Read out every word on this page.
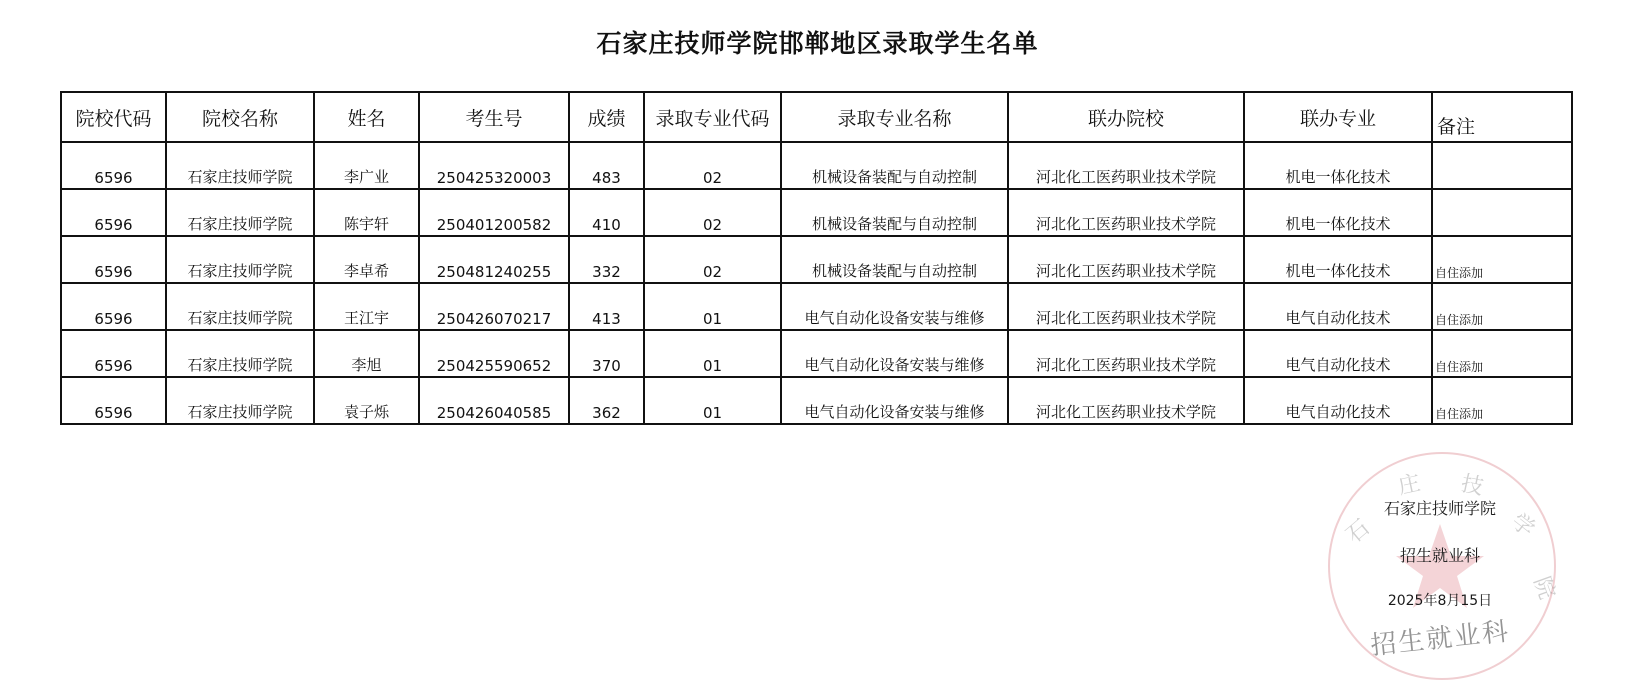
石家庄技师学院邯郸地区录取学生名单
院校代码	院校名称	姓名	考生号	成绩	录取专业代码	录取专业名称	联办院校	联办专业	备注
6596	石家庄技师学院	李广业	250425320003	483	02	机械设备装配与自动控制	河北化工医药职业技术学院	机电一体化技术	
6596	石家庄技师学院	陈宇轩	250401200582	410	02	机械设备装配与自动控制	河北化工医药职业技术学院	机电一体化技术	
6596	石家庄技师学院	李卓希	250481240255	332	02	机械设备装配与自动控制	河北化工医药职业技术学院	机电一体化技术	自住添加
6596	石家庄技师学院	王江宇	250426070217	413	01	电气自动化设备安装与维修	河北化工医药职业技术学院	电气自动化技术	自住添加
6596	石家庄技师学院	李旭	250425590652	370	01	电气自动化设备安装与维修	河北化工医药职业技术学院	电气自动化技术	自住添加
6596	石家庄技师学院	袁子烁	250426040585	362	01	电气自动化设备安装与维修	河北化工医药职业技术学院	电气自动化技术	自住添加
石
庄 技
学
院
石家庄技师学院
招生就业科
2025年8月15日
招生就业科
